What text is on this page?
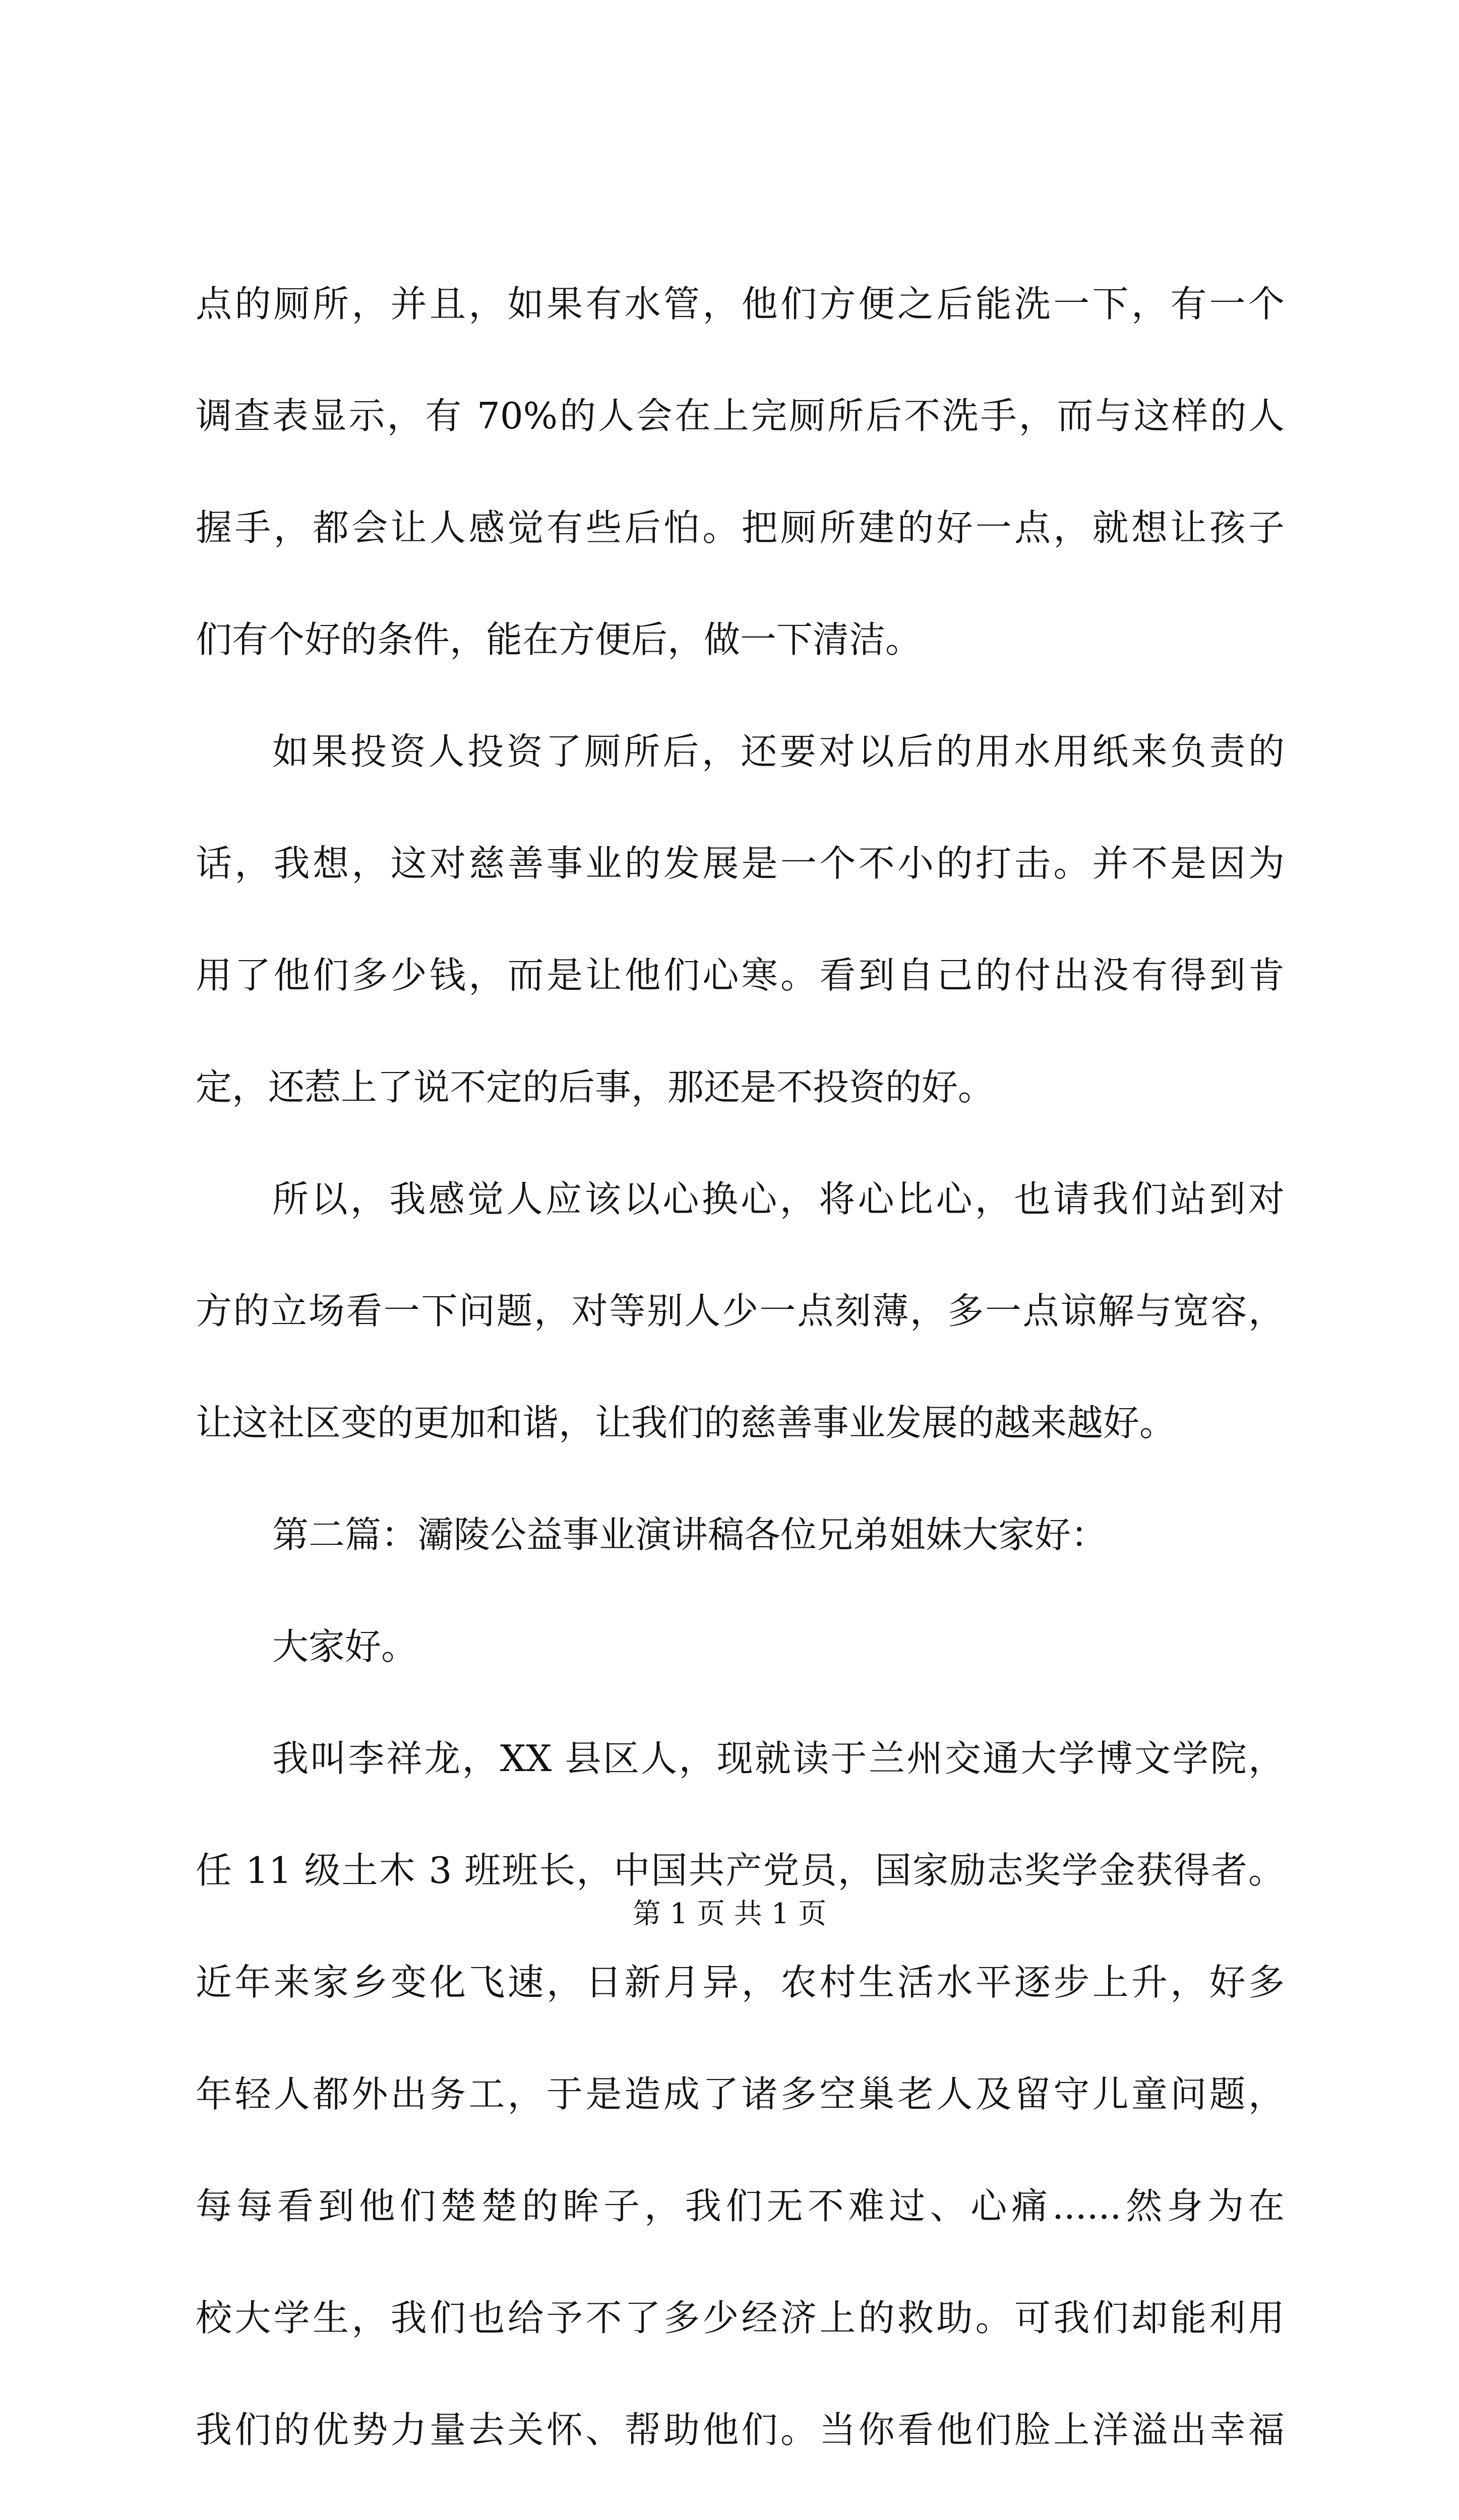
点的厕所，并且，如果有水管，他们方便之后能洗一下，有一个
调查表显示，有 70%的人会在上完厕所后不洗手，而与这样的人
握手，都会让人感觉有些后怕。把厕所建的好一点，就想让孩子
们有个好的条件，能在方便后，做一下清洁。
如果投资人投资了厕所后，还要对以后的用水用纸来负责的
话，我想，这对慈善事业的发展是一个不小的打击。并不是因为
用了他们多少钱，而是让他们心寒。看到自己的付出没有得到肯
定，还惹上了说不定的后事，那还是不投资的好。
所以，我感觉人应该以心换心，将心比心，也请我们站到对
方的立场看一下问题，对等别人少一点刻薄，多一点谅解与宽容，
让这社区变的更加和谐，让我们的慈善事业发展的越来越好。
第二篇：灞陵公益事业演讲稿各位兄弟姐妹大家好：
大家好。
我叫李祥龙，XX 县区人，现就读于兰州交通大学博文学院，
任 11 级土木 3 班班长，中国共产党员，国家励志奖学金获得者。
近年来家乡变化飞速，日新月异，农村生活水平逐步上升，好多
年轻人都外出务工，于是造成了诸多空巢老人及留守儿童问题，
每每看到他们楚楚的眸子，我们无不难过、心痛......然身为在
校大学生，我们也给予不了多少经济上的救助。可我们却能利用
我们的优势力量去关怀、帮助他们。当你看他们脸上洋溢出幸福
第 1 页 共 1 页
